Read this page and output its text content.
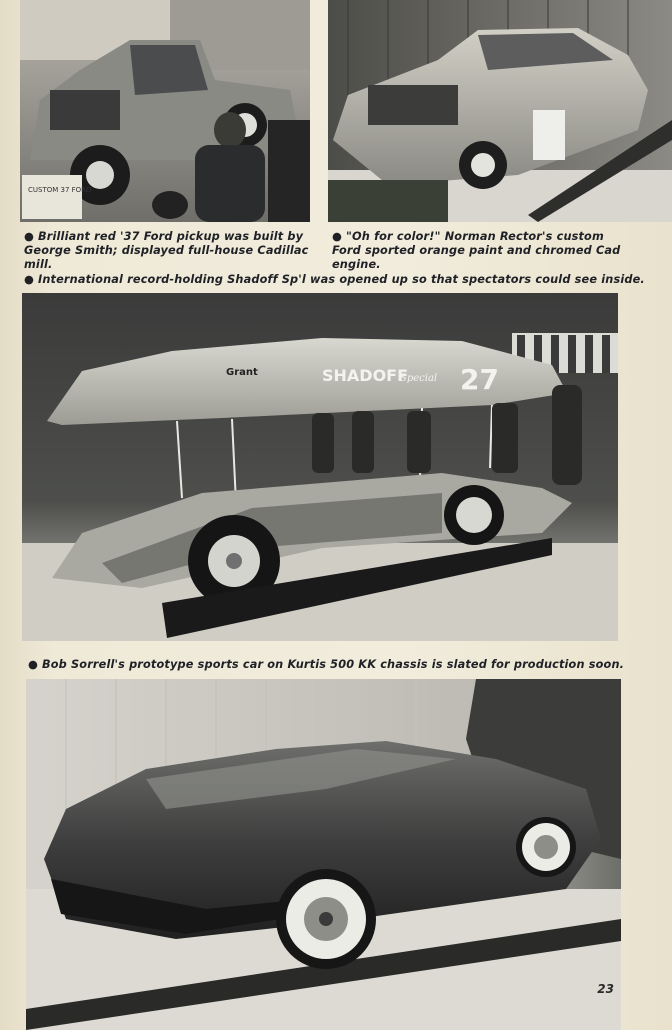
CUSTOM 37 FORD

● Brilliant red '37 Ford pickup was built by George Smith; displayed full-house Cadillac mill.

● "Oh for color!" Norman Rector's custom Ford sported orange paint and chromed Cad engine.

● International record-holding Shadoff Sp'l was opened up so that spectators could see inside.

SHADOFF
Special 27
Grant

● Bob Sorrell's prototype sports car on Kurtis 500 KK chassis is slated for production soon.

23
